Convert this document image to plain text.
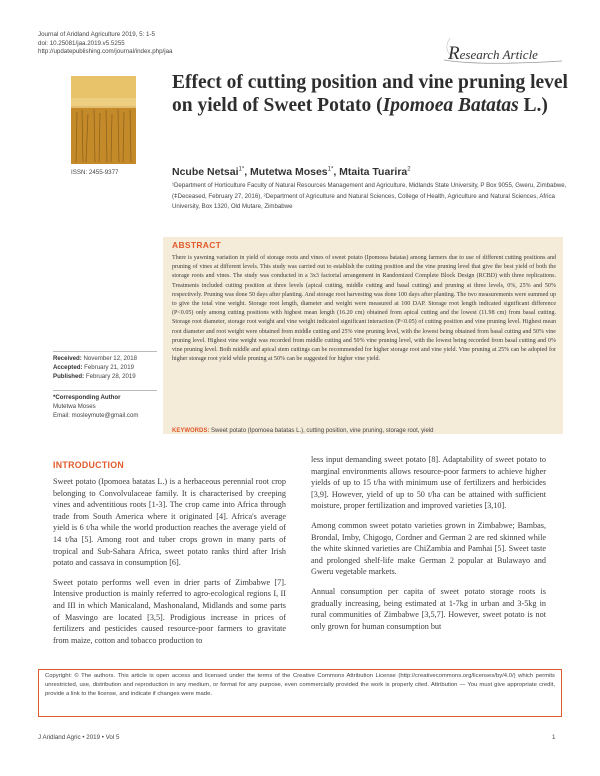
Journal of Aridland Agriculture 2019, 5: 1-5
doi: 10.25081/jaa.2019.v5.5255
http://updatepublishing.com/journal/index.php/jaa	Research Article
ISSN: 2455-9377
Effect of cutting position and vine pruning level on yield of Sweet Potato (Ipomoea Batatas L.)
Ncube Netsai$^{1*}$, Mutetwa Moses$^{1*}$, Mtaita Tuarira$^2$
¹Department of Horticulture Faculty of Natural Resources Management and Agriculture, Midlands State University, P Box 9055, Gweru, Zimbabwe, (ǂDeceased, February 27, 2016), ²Department of Agriculture and Natural Sciences, College of Health, Agriculture and Natural Sciences, Africa University, Box 1320, Old Mutare, Zimbabwe
ABSTRACT
There is yawning variation in yield of storage roots and vines of sweet potato (Ipomoea batatas) among farmers due to use of different cutting positions and pruning of vines at different levels. This study was carried out to establish the cutting position and the vine pruning level that give the best yield of both the storage roots and vines. The study was conducted in a 3x3 factorial arrangement in Randomized Complete Block Design (RCBD) with three replications. Treatments included cutting position at three levels (apical cutting, middle cutting and basal cutting) and pruning at three levels, 0%, 25% and 50% respectively. Pruning was done 50 days after planting. And storage root harvesting was done 100 days after planting. The two measurements were summed up to give the total vine weight. Storage root length, diameter and weight were measured at 100 DAP. Storage root length indicated significant difference (P<0.05) only among cutting positions with highest mean length (16.20 cm) obtained from apical cutting and the lowest (11.98 cm) from basal cutting. Storage root diameter, storage root weight and vine weight indicated significant interaction (P<0.05) of cutting position and vine pruning level. Highest mean root diameter and root weight were obtained from middle cutting and 25% vine pruning level, with the lowest being obtained from basal cutting and 50% vine pruning level. Highest vine weight was recorded from middle cutting and 50% vine pruning level, with the lowest being recorded from basal cutting and 0% vine pruning level. Both middle and apical stem cuttings can be recommended for higher storage root and vine yield. Vine pruning at 25% can be adopted for higher storage root yield while pruning at 50% can be suggested for higher vine yield.
Received: November 12, 2018
Accepted: February 21, 2019
Published: February 28, 2019
*Corresponding Author
Mutetwa Moses
Email: mosleymute@gmail.com
KEYWORDS: Sweet potato (Ipomoea batatas L.), cutting position, vine pruning, storage root, yield
INTRODUCTION

Sweet potato (Ipomoea batatas L.) is a herbaceous perennial root crop belonging to Convolvulaceae family. It is characterised by creeping vines and adventitious roots [1-3]. The crop came into Africa through trade from South America where it originated [4]. Africa's average yield is 6 t/ha while the world production reaches the average yield of 14 t/ha [5]. Among root and tuber crops grown in many parts of tropical and Sub-Sahara Africa, sweet potato ranks third after Irish potato and cassava in consumption [6].

Sweet potato performs well even in drier parts of Zimbabwe [7]. Intensive production is mainly referred to agro-ecological regions I, II and III in which Manicaland, Mashonaland, Midlands and some parts of Masvingo are located [3,5]. Prodigious increase in prices of fertilizers and pesticides caused resource-poor farmers to gravitate from maize, cotton and tobacco production to

less input demanding sweet potato [8]. Adaptability of sweet potato to marginal environments allows resource-poor farmers to achieve higher yields of up to 15 t/ha with minimum use of fertilizers and herbicides [3,9]. However, yield of up to 50 t/ha can be attained with sufficient moisture, proper fertilization and improved varieties [3,10].

Among common sweet potato varieties grown in Zimbabwe; Bambas, Brondal, Imby, Chigogo, Cordner and German 2 are red skinned while the white skinned varieties are ChiZambia and Pamhai [5]. Sweet taste and prolonged shelf-life make German 2 popular at Bulawayo and Gweru vegetable markets.

Annual consumption per capita of sweet potato storage roots is gradually increasing, being estimated at 1-7kg in urban and 3-5kg in rural communities of Zimbabwe [3,5,7]. However, sweet potato is not only grown for human consumption but

Copyright: © The authors. This article is open access and licensed under the terms of the Creative Commons Attribution License (http://creativecommons.org/licenses/by/4.0/) which permits unrestricted, use, distribution and reproduction in any medium, or format for any purpose, even commercially provided the work is properly cited. Attribution — You must give appropriate credit, provide a link to the license, and indicate if changes were made.
J Aridland Agric • 2019 • Vol 5	1
